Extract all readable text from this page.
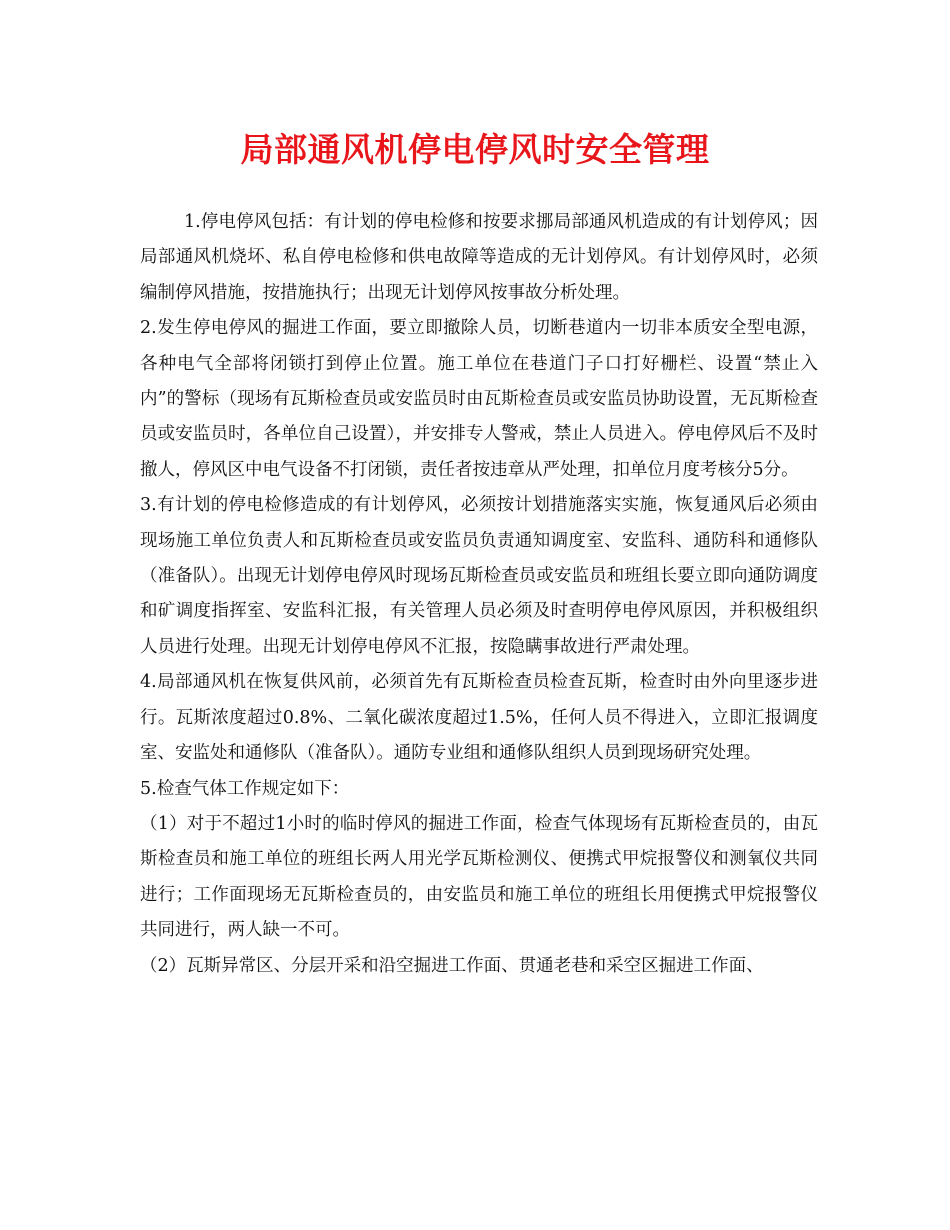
局部通风机停电停风时安全管理

1.停电停风包括：有计划的停电检修和按要求挪局部通风机造成的有计划停风；因局部通风机烧坏、私自停电检修和供电故障等造成的无计划停风。有计划停风时，必须编制停风措施，按措施执行；出现无计划停风按事故分析处理。

2.发生停电停风的掘进工作面，要立即撤除人员，切断巷道内一切非本质安全型电源，各种电气全部将闭锁打到停止位置。施工单位在巷道门子口打好栅栏、设置“禁止入内”的警标（现场有瓦斯检查员或安监员时由瓦斯检查员或安监员协助设置，无瓦斯检查员或安监员时，各单位自己设置），并安排专人警戒，禁止人员进入。停电停风后不及时撤人，停风区中电气设备不打闭锁，责任者按违章从严处理，扣单位月度考核分5分。

3.有计划的停电检修造成的有计划停风，必须按计划措施落实实施，恢复通风后必须由现场施工单位负责人和瓦斯检查员或安监员负责通知调度室、安监科、通防科和通修队（准备队）。出现无计划停电停风时现场瓦斯检查员或安监员和班组长要立即向通防调度和矿调度指挥室、安监科汇报，有关管理人员必须及时查明停电停风原因，并积极组织人员进行处理。出现无计划停电停风不汇报，按隐瞒事故进行严肃处理。

4.局部通风机在恢复供风前，必须首先有瓦斯检查员检查瓦斯，检查时由外向里逐步进行。瓦斯浓度超过0.8%、二氧化碳浓度超过1.5%，任何人员不得进入，立即汇报调度室、安监处和通修队（准备队）。通防专业组和通修队组织人员到现场研究处理。

5.检查气体工作规定如下：

（1）对于不超过1小时的临时停风的掘进工作面，检查气体现场有瓦斯检查员的，由瓦斯检查员和施工单位的班组长两人用光学瓦斯检测仪、便携式甲烷报警仪和测氧仪共同进行；工作面现场无瓦斯检查员的，由安监员和施工单位的班组长用便携式甲烷报警仪共同进行，两人缺一不可。

（2）瓦斯异常区、分层开采和沿空掘进工作面、贯通老巷和采空区掘进工作面、
